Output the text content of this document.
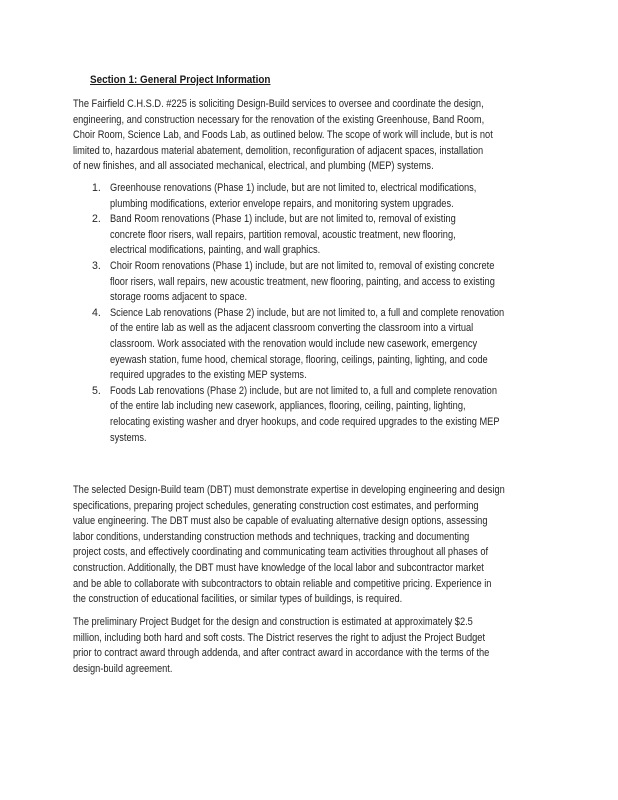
Section 1: General Project Information
The Fairfield C.H.S.D. #225 is soliciting Design-Build services to oversee and coordinate the design,
engineering, and construction necessary for the renovation of the existing Greenhouse, Band Room,
Choir Room, Science Lab, and Foods Lab, as outlined below. The scope of work will include, but is not
limited to, hazardous material abatement, demolition, reconfiguration of adjacent spaces, installation
of new finishes, and all associated mechanical, electrical, and plumbing (MEP) systems.
1. Greenhouse renovations (Phase 1) include, but are not limited to, electrical modifications,
plumbing modifications, exterior envelope repairs, and monitoring system upgrades.
2. Band Room renovations (Phase 1) include, but are not limited to, removal of existing
concrete floor risers, wall repairs, partition removal, acoustic treatment, new flooring,
electrical modifications, painting, and wall graphics.
3. Choir Room renovations (Phase 1) include, but are not limited to, removal of existing concrete
floor risers, wall repairs, new acoustic treatment, new flooring, painting, and access to existing
storage rooms adjacent to space.
4. Science Lab renovations (Phase 2) include, but are not limited to, a full and complete renovation
of the entire lab as well as the adjacent classroom converting the classroom into a virtual
classroom. Work associated with the renovation would include new casework, emergency
eyewash station, fume hood, chemical storage, flooring, ceilings, painting, lighting, and code
required upgrades to the existing MEP systems.
5. Foods Lab renovations (Phase 2) include, but are not limited to, a full and complete renovation
of the entire lab including new casework, appliances, flooring, ceiling, painting, lighting,
relocating existing washer and dryer hookups, and code required upgrades to the existing MEP
systems.
The selected Design-Build team (DBT) must demonstrate expertise in developing engineering and design
specifications, preparing project schedules, generating construction cost estimates, and performing
value engineering. The DBT must also be capable of evaluating alternative design options, assessing
labor conditions, understanding construction methods and techniques, tracking and documenting
project costs, and effectively coordinating and communicating team activities throughout all phases of
construction. Additionally, the DBT must have knowledge of the local labor and subcontractor market
and be able to collaborate with subcontractors to obtain reliable and competitive pricing. Experience in
the construction of educational facilities, or similar types of buildings, is required.
The preliminary Project Budget for the design and construction is estimated at approximately $2.5
million, including both hard and soft costs. The District reserves the right to adjust the Project Budget
prior to contract award through addenda, and after contract award in accordance with the terms of the
design-build agreement.
